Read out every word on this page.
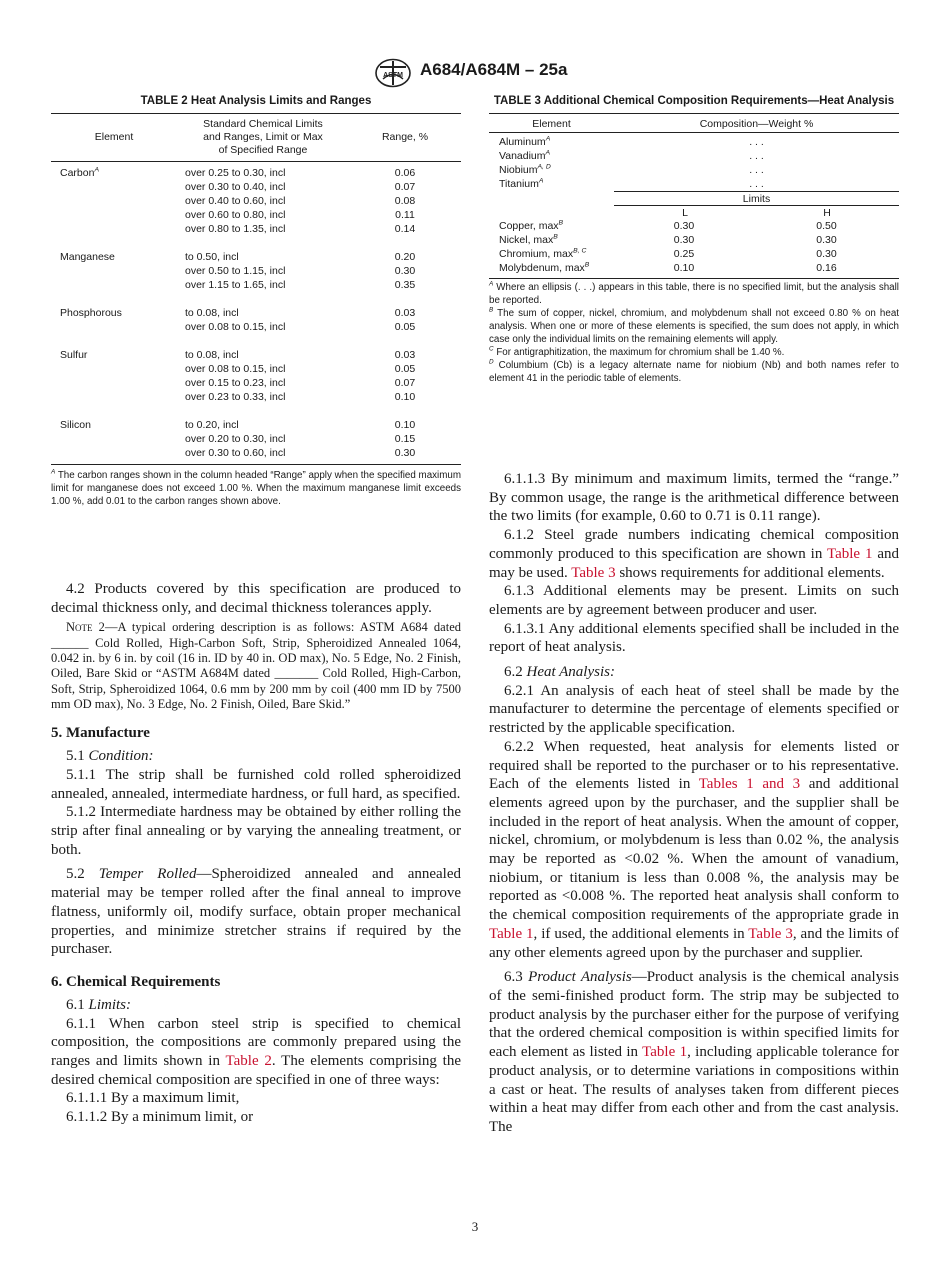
ASTM A684/A684M – 25a
TABLE 2 Heat Analysis Limits and Ranges
Element
Standard Chemical Limits
and Ranges, Limit or Max
of Specified Range
Range, %
Carbon$^A$	over 0.25 to 0.30, incl	0.06
over 0.30 to 0.40, incl	0.07
over 0.40 to 0.60, incl	0.08
over 0.60 to 0.80, incl	0.11
over 0.80 to 1.35, incl	0.14
Manganese	to 0.50, incl	0.20
over 0.50 to 1.15, incl	0.30
over 1.15 to 1.65, incl	0.35
Phosphorous	to 0.08, incl	0.03
over 0.08 to 0.15, incl	0.05
Sulfur	to 0.08, incl	0.03
over 0.08 to 0.15, incl	0.05
over 0.15 to 0.23, incl	0.07
over 0.23 to 0.33, incl	0.10
Silicon	to 0.20, incl	0.10
over 0.20 to 0.30, incl	0.15
over 0.30 to 0.60, incl	0.30
$^A$ The carbon ranges shown in the column headed “Range” apply when the specified maximum limit for manganese does not exceed 1.00 %. When the maximum manganese limit exceeds 1.00 %, add 0.01 to the carbon ranges shown above.
TABLE 3 Additional Chemical Composition Requirements—Heat Analysis
Element	Composition—Weight %
Aluminum$^A$	. . .
Vanadium$^A$	. . .
Niobium$^{A, D}$	. . .
Titanium$^A$	. . .
Limits
L	H
Copper, $\max^B$	0.30	0.50
Nickel, $\max^B$	0.30	0.30
Chromium, $\max^{B, C}$	0.25	0.30
Molybdenum, $\max^B$	0.10	0.16
$^A$ Where an ellipsis (. . .) appears in this table, there is no specified limit, but the analysis shall be reported.
$^B$ The sum of copper, nickel, chromium, and molybdenum shall not exceed 0.80 % on heat analysis. When one or more of these elements is specified, the sum does not apply, in which case only the individual limits on the remaining elements will apply.
$^C$ For antigraphitization, the maximum for chromium shall be 1.40 %.
$^D$ Columbium (Cb) is a legacy alternate name for niobium (Nb) and both names refer to element 41 in the periodic table of elements.

4.2 Products covered by this specification are produced to decimal thickness only, and decimal thickness tolerances apply.

Note 2—A typical ordering description is as follows: ASTM A684 dated ______ Cold Rolled, High-Carbon Soft, Strip, Spheroidized Annealed 1064, 0.042 in. by 6 in. by coil (16 in. ID by 40 in. OD max), No. 5 Edge, No. 2 Finish, Oiled, Bare Skid or “ASTM A684M dated _______ Cold Rolled, High-Carbon, Soft, Strip, Spheroidized 1064, 0.6 mm by 200 mm by coil (400 mm ID by 7500 mm OD max), No. 3 Edge, No. 2 Finish, Oiled, Bare Skid.”
5. Manufacture

5.1 Condition:

5.1.1 The strip shall be furnished cold rolled spheroidized annealed, annealed, intermediate hardness, or full hard, as specified.

5.1.2 Intermediate hardness may be obtained by either rolling the strip after final annealing or by varying the annealing treatment, or both.

5.2 Temper Rolled—Spheroidized annealed and annealed material may be temper rolled after the final anneal to improve flatness, uniformly oil, modify surface, obtain proper mechanical properties, and minimize stretcher strains if required by the purchaser.

6. Chemical Requirements

6.1 Limits:

6.1.1 When carbon steel strip is specified to chemical composition, the compositions are commonly prepared using the ranges and limits shown in Table 2. The elements comprising the desired chemical composition are specified in one of three ways:

6.1.1.1 By a maximum limit,

6.1.1.2 By a minimum limit, or

6.1.1.3 By minimum and maximum limits, termed the “range.” By common usage, the range is the arithmetical difference between the two limits (for example, 0.60 to 0.71 is 0.11 range).

6.1.2 Steel grade numbers indicating chemical composition commonly produced to this specification are shown in Table 1 and may be used. Table 3 shows requirements for additional elements.

6.1.3 Additional elements may be present. Limits on such elements are by agreement between producer and user.

6.1.3.1 Any additional elements specified shall be included in the report of heat analysis.

6.2 Heat Analysis:

6.2.1 An analysis of each heat of steel shall be made by the manufacturer to determine the percentage of elements specified or restricted by the applicable specification.

6.2.2 When requested, heat analysis for elements listed or required shall be reported to the purchaser or to his representative. Each of the elements listed in Tables 1 and 3 and additional elements agreed upon by the purchaser, and the supplier shall be included in the report of heat analysis. When the amount of copper, nickel, chromium, or molybdenum is less than 0.02 %, the analysis may be reported as <0.02 %. When the amount of vanadium, niobium, or titanium is less than 0.008 %, the analysis may be reported as <0.008 %. The reported heat analysis shall conform to the chemical composition requirements of the appropriate grade in Table 1, if used, the additional elements in Table 3, and the limits of any other elements agreed upon by the purchaser and supplier.

6.3 Product Analysis—Product analysis is the chemical analysis of the semi-finished product form. The strip may be subjected to product analysis by the purchaser either for the purpose of verifying that the ordered chemical composition is within specified limits for each element as listed in Table 1, including applicable tolerance for product analysis, or to determine variations in compositions within a cast or heat. The results of analyses taken from different pieces within a heat may differ from each other and from the cast analysis. The

3
